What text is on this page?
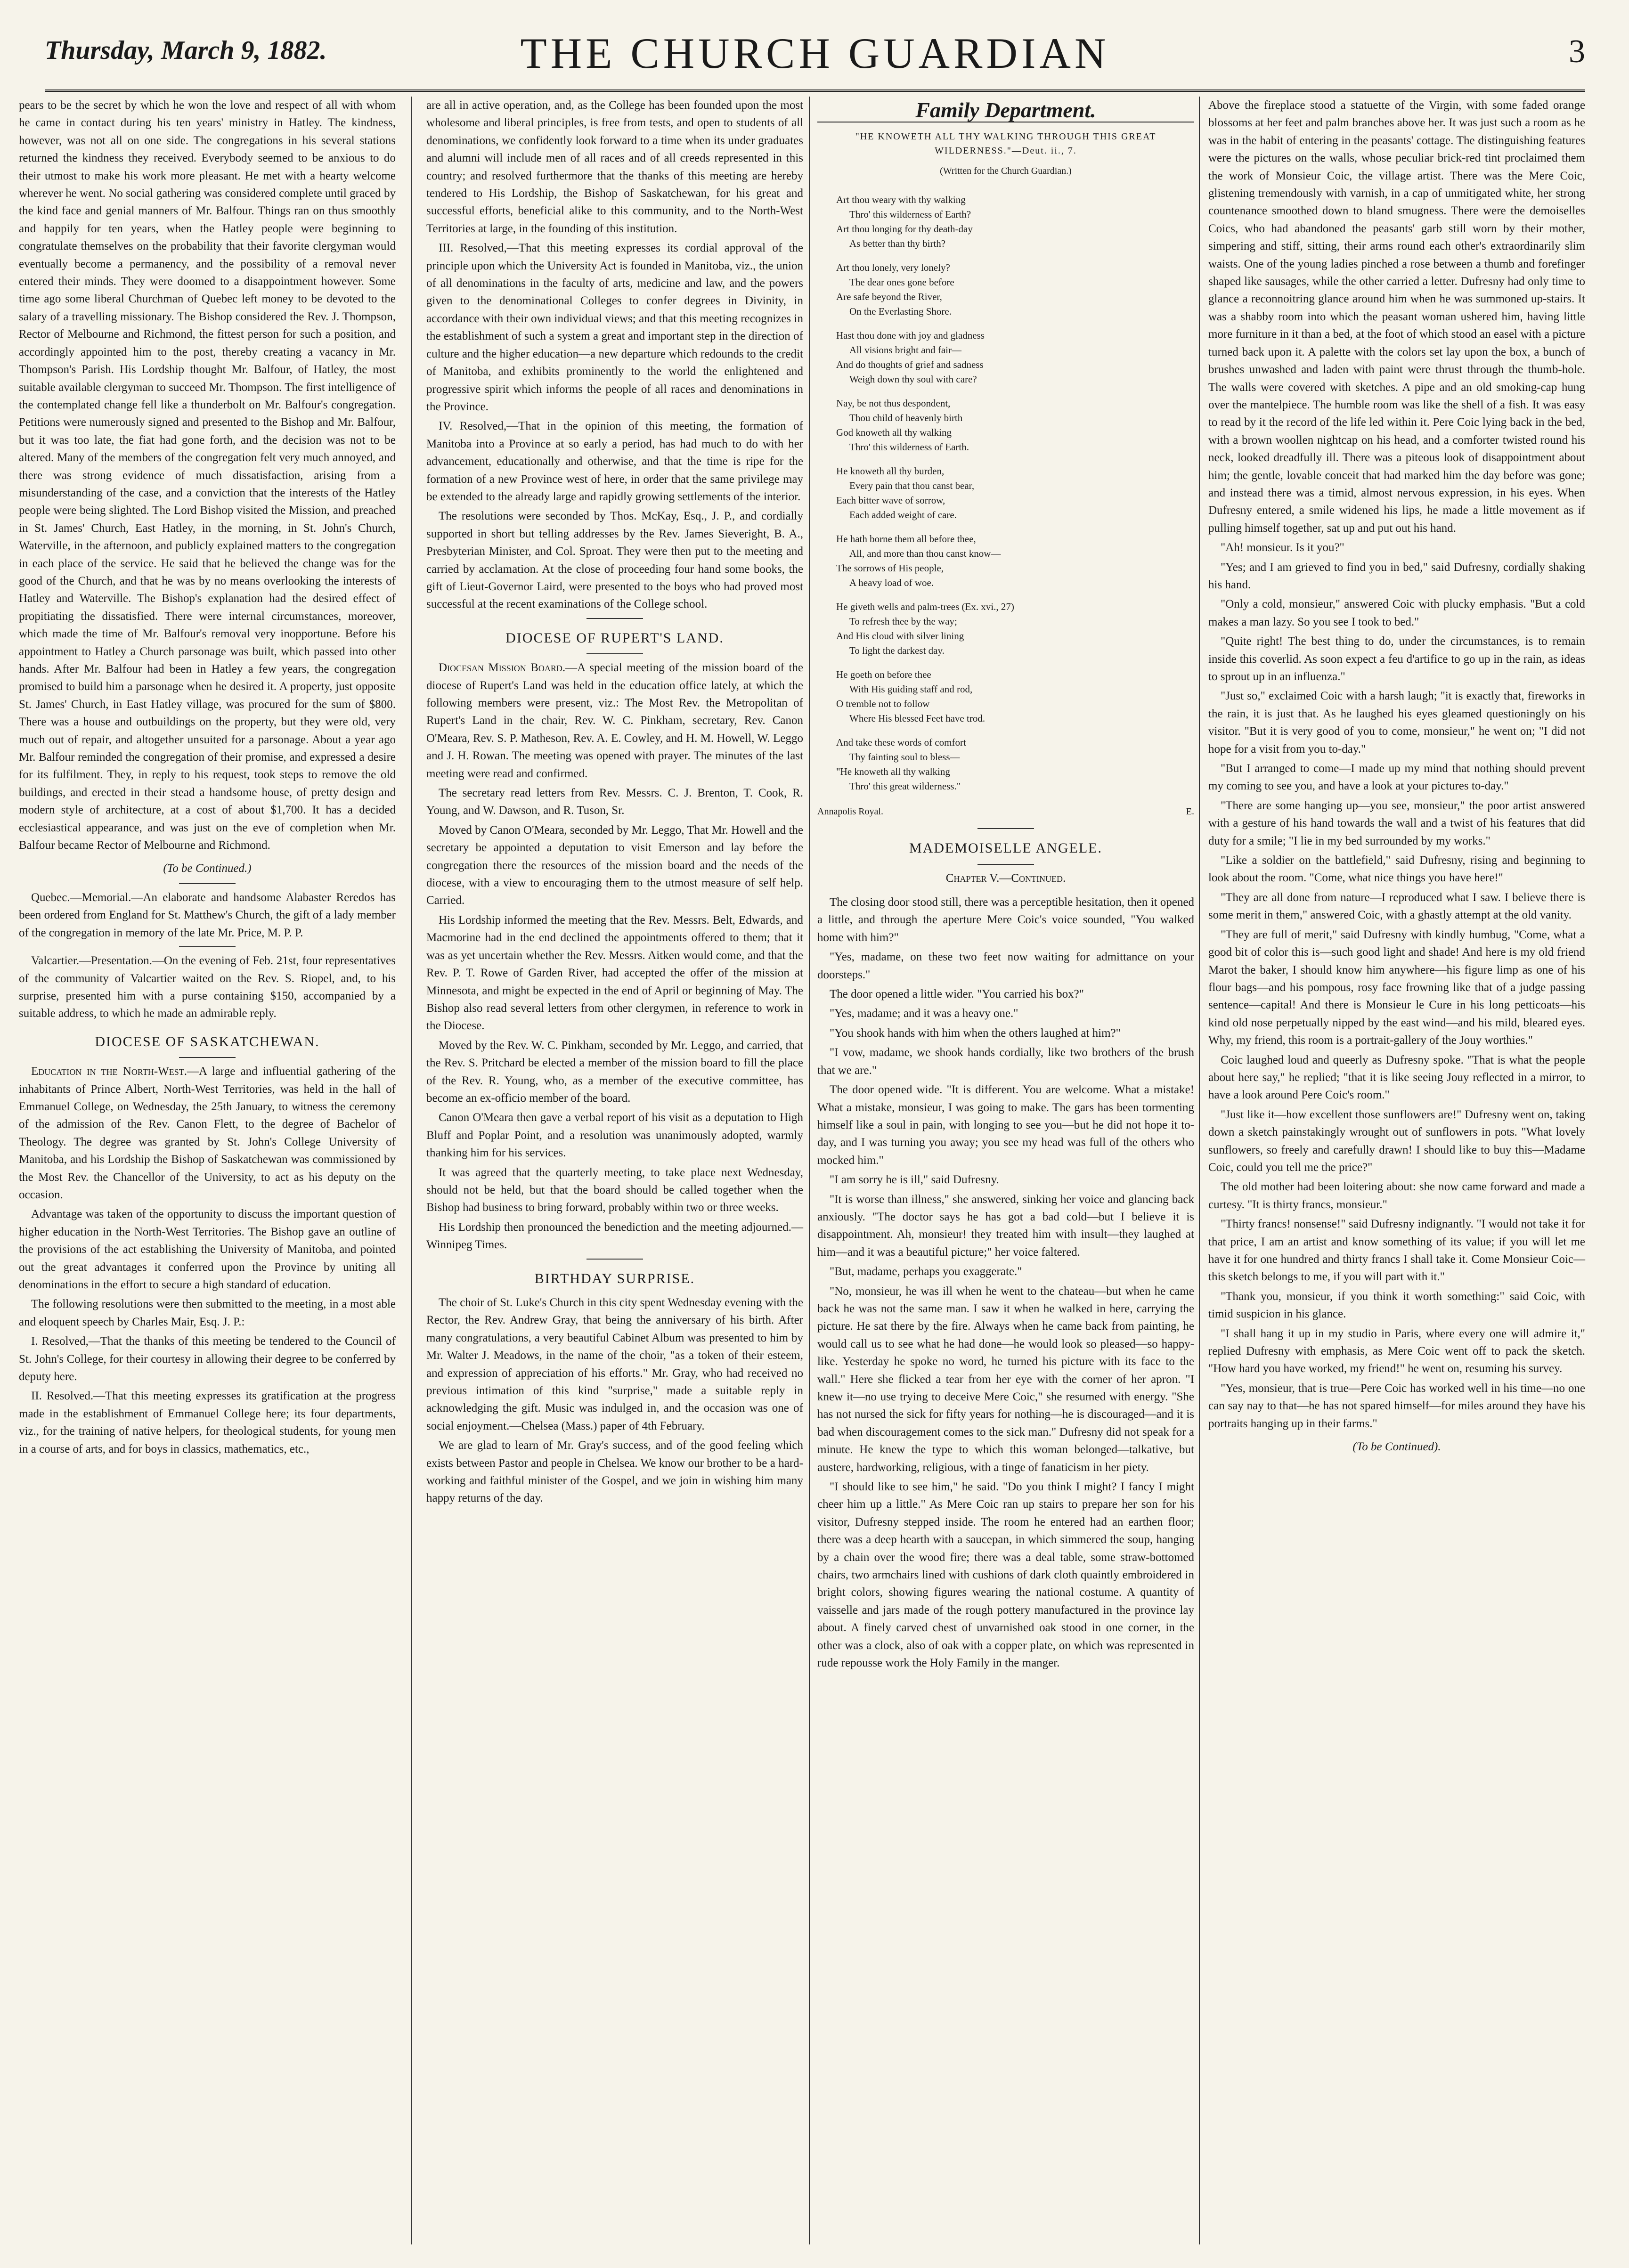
Thursday, March 9, 1882.	THE CHURCH GUARDIAN	3

pears to be the secret by which he won the love and respect of all with whom he came in contact during his ten years' ministry in Hatley. The kindness, however, was not all on one side. The congregations in his several stations returned the kindness they received. Everybody seemed to be anxious to do their utmost to make his work more pleasant. He met with a hearty welcome wherever he went. No social gathering was considered complete until graced by the kind face and genial manners of Mr. Balfour. Things ran on thus smoothly and happily for ten years, when the Hatley people were beginning to congratulate themselves on the probability that their favorite clergyman would eventually become a permanency, and the possibility of a removal never entered their minds. They were doomed to a disappointment however. Some time ago some liberal Churchman of Quebec left money to be devoted to the salary of a travelling missionary. The Bishop considered the Rev. J. Thompson, Rector of Melbourne and Richmond, the fittest person for such a position, and accordingly appointed him to the post, thereby creating a vacancy in Mr. Thompson's Parish. His Lordship thought Mr. Balfour, of Hatley, the most suitable available clergyman to succeed Mr. Thompson. The first intelligence of the contemplated change fell like a thunderbolt on Mr. Balfour's congregation. Petitions were numerously signed and presented to the Bishop and Mr. Balfour, but it was too late, the fiat had gone forth, and the decision was not to be altered. Many of the members of the congregation felt very much annoyed, and there was strong evidence of much dissatisfaction, arising from a misunderstanding of the case, and a conviction that the interests of the Hatley people were being slighted. The Lord Bishop visited the Mission, and preached in St. James' Church, East Hatley, in the morning, in St. John's Church, Waterville, in the afternoon, and publicly explained matters to the congregation in each place of the service. He said that he believed the change was for the good of the Church, and that he was by no means overlooking the interests of Hatley and Waterville. The Bishop's explanation had the desired effect of propitiating the dissatisfied. There were internal circumstances, moreover, which made the time of Mr. Balfour's removal very inopportune. Before his appointment to Hatley a Church parsonage was built, which passed into other hands. After Mr. Balfour had been in Hatley a few years, the congregation promised to build him a parsonage when he desired it. A property, just opposite St. James' Church, in East Hatley village, was procured for the sum of $800. There was a house and outbuildings on the property, but they were old, very much out of repair, and altogether unsuited for a parsonage. About a year ago Mr. Balfour reminded the congregation of their promise, and expressed a desire for its fulfilment. They, in reply to his request, took steps to remove the old buildings, and erected in their stead a handsome house, of pretty design and modern style of architecture, at a cost of about $1,700. It has a decided ecclesiastical appearance, and was just on the eve of completion when Mr. Balfour became Rector of Melbourne and Richmond.

(To be Continued.)

Quebec.—Memorial.—An elaborate and handsome Alabaster Reredos has been ordered from England for St. Matthew's Church, the gift of a lady member of the congregation in memory of the late Mr. Price, M. P. P.

Valcartier.—Presentation.—On the evening of Feb. 21st, four representatives of the community of Valcartier waited on the Rev. S. Riopel, and, to his surprise, presented him with a purse containing $150, accompanied by a suitable address, to which he made an admirable reply.

DIOCESE OF SASKATCHEWAN.

Education in the North-West.—A large and influential gathering of the inhabitants of Prince Albert, North-West Territories, was held in the hall of Emmanuel College, on Wednesday, the 25th January, to witness the ceremony of the admission of the Rev. Canon Flett, to the degree of Bachelor of Theology. The degree was granted by St. John's College University of Manitoba, and his Lordship the Bishop of Saskatchewan was commissioned by the Most Rev. the Chancellor of the University, to act as his deputy on the occasion.

Advantage was taken of the opportunity to discuss the important question of higher education in the North-West Territories. The Bishop gave an outline of the provisions of the act establishing the University of Manitoba, and pointed out the great advantages it conferred upon the Province by uniting all denominations in the effort to secure a high standard of education.

The following resolutions were then submitted to the meeting, in a most able and eloquent speech by Charles Mair, Esq. J. P.:

I. Resolved,—That the thanks of this meeting be tendered to the Council of St. John's College, for their courtesy in allowing their degree to be conferred by deputy here.

II. Resolved.—That this meeting expresses its gratification at the progress made in the establishment of Emmanuel College here; its four departments, viz., for the training of native helpers, for theological students, for young men in a course of arts, and for boys in classics, mathematics, etc.,

are all in active operation, and, as the College has been founded upon the most wholesome and liberal principles, is free from tests, and open to students of all denominations, we confidently look forward to a time when its under graduates and alumni will include men of all races and of all creeds represented in this country; and resolved furthermore that the thanks of this meeting are hereby tendered to His Lordship, the Bishop of Saskatchewan, for his great and successful efforts, beneficial alike to this community, and to the North-West Territories at large, in the founding of this institution.

III. Resolved,—That this meeting expresses its cordial approval of the principle upon which the University Act is founded in Manitoba, viz., the union of all denominations in the faculty of arts, medicine and law, and the powers given to the denominational Colleges to confer degrees in Divinity, in accordance with their own individual views; and that this meeting recognizes in the establishment of such a system a great and important step in the direction of culture and the higher education—a new departure which redounds to the credit of Manitoba, and exhibits prominently to the world the enlightened and progressive spirit which informs the people of all races and denominations in the Province.

IV. Resolved,—That in the opinion of this meeting, the formation of Manitoba into a Province at so early a period, has had much to do with her advancement, educationally and otherwise, and that the time is ripe for the formation of a new Province west of here, in order that the same privilege may be extended to the already large and rapidly growing settlements of the interior.

The resolutions were seconded by Thos. McKay, Esq., J. P., and cordially supported in short but telling addresses by the Rev. James Sieveright, B. A., Presbyterian Minister, and Col. Sproat. They were then put to the meeting and carried by acclamation. At the close of proceeding four hand some books, the gift of Lieut-Governor Laird, were presented to the boys who had proved most successful at the recent examinations of the College school.

DIOCESE OF RUPERT'S LAND.

Diocesan Mission Board.—A special meeting of the mission board of the diocese of Rupert's Land was held in the education office lately, at which the following members were present, viz.: The Most Rev. the Metropolitan of Rupert's Land in the chair, Rev. W. C. Pinkham, secretary, Rev. Canon O'Meara, Rev. S. P. Matheson, Rev. A. E. Cowley, and H. M. Howell, W. Leggo and J. H. Rowan. The meeting was opened with prayer. The minutes of the last meeting were read and confirmed.

The secretary read letters from Rev. Messrs. C. J. Brenton, T. Cook, R. Young, and W. Dawson, and R. Tuson, Sr.

Moved by Canon O'Meara, seconded by Mr. Leggo, That Mr. Howell and the secretary be appointed a deputation to visit Emerson and lay before the congregation there the resources of the mission board and the needs of the diocese, with a view to encouraging them to the utmost measure of self help. Carried.

His Lordship informed the meeting that the Rev. Messrs. Belt, Edwards, and Macmorine had in the end declined the appointments offered to them; that it was as yet uncertain whether the Rev. Messrs. Aitken would come, and that the Rev. P. T. Rowe of Garden River, had accepted the offer of the mission at Minnesota, and might be expected in the end of April or beginning of May. The Bishop also read several letters from other clergymen, in reference to work in the Diocese.

Moved by the Rev. W. C. Pinkham, seconded by Mr. Leggo, and carried, that the Rev. S. Pritchard be elected a member of the mission board to fill the place of the Rev. R. Young, who, as a member of the executive committee, has become an ex-officio member of the board.

Canon O'Meara then gave a verbal report of his visit as a deputation to High Bluff and Poplar Point, and a resolution was unanimously adopted, warmly thanking him for his services.

It was agreed that the quarterly meeting, to take place next Wednesday, should not be held, but that the board should be called together when the Bishop had business to bring forward, probably within two or three weeks.

His Lordship then pronounced the benediction and the meeting adjourned.—Winnipeg Times.

BIRTHDAY SURPRISE.

The choir of St. Luke's Church in this city spent Wednesday evening with the Rector, the Rev. Andrew Gray, that being the anniversary of his birth. After many congratulations, a very beautiful Cabinet Album was presented to him by Mr. Walter J. Meadows, in the name of the choir, "as a token of their esteem, and expression of appreciation of his efforts." Mr. Gray, who had received no previous intimation of this kind "surprise," made a suitable reply in acknowledging the gift. Music was indulged in, and the occasion was one of social enjoyment.—Chelsea (Mass.) paper of 4th February.

We are glad to learn of Mr. Gray's success, and of the good feeling which exists between Pastor and people in Chelsea. We know our brother to be a hard-working and faithful minister of the Gospel, and we join in wishing him many happy returns of the day.

Family Department.
"HE KNOWETH ALL THY WALKING THROUGH THIS GREAT WILDERNESS."—Deut. ii., 7.
(Written for the Church Guardian.)
Art thou weary with thy walking
Thro' this wilderness of Earth?
Art thou longing for thy death-day
As better than thy birth?
Art thou lonely, very lonely?
The dear ones gone before
Are safe beyond the River,
On the Everlasting Shore.
Hast thou done with joy and gladness
All visions bright and fair—
And do thoughts of grief and sadness
Weigh down thy soul with care?
Nay, be not thus despondent,
Thou child of heavenly birth
God knoweth all thy walking
Thro' this wilderness of Earth.
He knoweth all thy burden,
Every pain that thou canst bear,
Each bitter wave of sorrow,
Each added weight of care.
He hath borne them all before thee,
All, and more than thou canst know—
The sorrows of His people,
A heavy load of woe.
He giveth wells and palm-trees (Ex. xvi., 27)
To refresh thee by the way;
And His cloud with silver lining
To light the darkest day.
He goeth on before thee
With His guiding staff and rod,
O tremble not to follow
Where His blessed Feet have trod.
And take these words of comfort
Thy fainting soul to bless—
"He knoweth all thy walking
Thro' this great wilderness."
Annapolis Royal.	E.
MADEMOISELLE ANGELE.
Chapter V.—Continued.

The closing door stood still, there was a perceptible hesitation, then it opened a little, and through the aperture Mere Coic's voice sounded, "You walked home with him?"

"Yes, madame, on these two feet now waiting for admittance on your doorsteps."

The door opened a little wider. "You carried his box?"

"Yes, madame; and it was a heavy one."

"You shook hands with him when the others laughed at him?"

"I vow, madame, we shook hands cordially, like two brothers of the brush that we are."

The door opened wide. "It is different. You are welcome. What a mistake! What a mistake, monsieur, I was going to make. The gars has been tormenting himself like a soul in pain, with longing to see you—but he did not hope it to-day, and I was turning you away; you see my head was full of the others who mocked him."

"I am sorry he is ill," said Dufresny.

"It is worse than illness," she answered, sinking her voice and glancing back anxiously. "The doctor says he has got a bad cold—but I believe it is disappointment. Ah, monsieur! they treated him with insult—they laughed at him—and it was a beautiful picture;" her voice faltered.

"But, madame, perhaps you exaggerate."

"No, monsieur, he was ill when he went to the chateau—but when he came back he was not the same man. I saw it when he walked in here, carrying the picture. He sat there by the fire. Always when he came back from painting, he would call us to see what he had done—he would look so pleased—so happy-like. Yesterday he spoke no word, he turned his picture with its face to the wall." Here she flicked a tear from her eye with the corner of her apron. "I knew it—no use trying to deceive Mere Coic," she resumed with energy. "She has not nursed the sick for fifty years for nothing—he is discouraged—and it is bad when discouragement comes to the sick man." Dufresny did not speak for a minute. He knew the type to which this woman belonged—talkative, but austere, hardworking, religious, with a tinge of fanaticism in her piety.

"I should like to see him," he said. "Do you think I might? I fancy I might cheer him up a little." As Mere Coic ran up stairs to prepare her son for his visitor, Dufresny stepped inside. The room he entered had an earthen floor; there was a deep hearth with a saucepan, in which simmered the soup, hanging by a chain over the wood fire; there was a deal table, some straw-bottomed chairs, two armchairs lined with cushions of dark cloth quaintly embroidered in bright colors, showing figures wearing the national costume. A quantity of vaisselle and jars made of the rough pottery manufactured in the province lay about. A finely carved chest of unvarnished oak stood in one corner, in the other was a clock, also of oak with a copper plate, on which was represented in rude repousse work the Holy Family in the manger.

Above the fireplace stood a statuette of the Virgin, with some faded orange blossoms at her feet and palm branches above her. It was just such a room as he was in the habit of entering in the peasants' cottage. The distinguishing features were the pictures on the walls, whose peculiar brick-red tint proclaimed them the work of Monsieur Coic, the village artist. There was the Mere Coic, glistening tremendously with varnish, in a cap of unmitigated white, her strong countenance smoothed down to bland smugness. There were the demoiselles Coics, who had abandoned the peasants' garb still worn by their mother, simpering and stiff, sitting, their arms round each other's extraordinarily slim waists. One of the young ladies pinched a rose between a thumb and forefinger shaped like sausages, while the other carried a letter. Dufresny had only time to glance a reconnoitring glance around him when he was summoned up-stairs. It was a shabby room into which the peasant woman ushered him, having little more furniture in it than a bed, at the foot of which stood an easel with a picture turned back upon it. A palette with the colors set lay upon the box, a bunch of brushes unwashed and laden with paint were thrust through the thumb-hole. The walls were covered with sketches. A pipe and an old smoking-cap hung over the mantelpiece. The humble room was like the shell of a fish. It was easy to read by it the record of the life led within it. Pere Coic lying back in the bed, with a brown woollen nightcap on his head, and a comforter twisted round his neck, looked dreadfully ill. There was a piteous look of disappointment about him; the gentle, lovable conceit that had marked him the day before was gone; and instead there was a timid, almost nervous expression, in his eyes. When Dufresny entered, a smile widened his lips, he made a little movement as if pulling himself together, sat up and put out his hand.

"Ah! monsieur. Is it you?"

"Yes; and I am grieved to find you in bed," said Dufresny, cordially shaking his hand.

"Only a cold, monsieur," answered Coic with plucky emphasis. "But a cold makes a man lazy. So you see I took to bed."

"Quite right! The best thing to do, under the circumstances, is to remain inside this coverlid. As soon expect a feu d'artifice to go up in the rain, as ideas to sprout up in an influenza."

"Just so," exclaimed Coic with a harsh laugh; "it is exactly that, fireworks in the rain, it is just that. As he laughed his eyes gleamed questioningly on his visitor. "But it is very good of you to come, monsieur," he went on; "I did not hope for a visit from you to-day."

"But I arranged to come—I made up my mind that nothing should prevent my coming to see you, and have a look at your pictures to-day."

"There are some hanging up—you see, monsieur," the poor artist answered with a gesture of his hand towards the wall and a twist of his features that did duty for a smile; "I lie in my bed surrounded by my works."

"Like a soldier on the battlefield," said Dufresny, rising and beginning to look about the room. "Come, what nice things you have here!"

"They are all done from nature—I reproduced what I saw. I believe there is some merit in them," answered Coic, with a ghastly attempt at the old vanity.

"They are full of merit," said Dufresny with kindly humbug, "Come, what a good bit of color this is—such good light and shade! And here is my old friend Marot the baker, I should know him anywhere—his figure limp as one of his flour bags—and his pompous, rosy face frowning like that of a judge passing sentence—capital! And there is Monsieur le Cure in his long petticoats—his kind old nose perpetually nipped by the east wind—and his mild, bleared eyes. Why, my friend, this room is a portrait-gallery of the Jouy worthies."

Coic laughed loud and queerly as Dufresny spoke. "That is what the people about here say," he replied; "that it is like seeing Jouy reflected in a mirror, to have a look around Pere Coic's room."

"Just like it—how excellent those sunflowers are!" Dufresny went on, taking down a sketch painstakingly wrought out of sunflowers in pots. "What lovely sunflowers, so freely and carefully drawn! I should like to buy this—Madame Coic, could you tell me the price?"

The old mother had been loitering about: she now came forward and made a curtesy. "It is thirty francs, monsieur."

"Thirty francs! nonsense!" said Dufresny indignantly. "I would not take it for that price, I am an artist and know something of its value; if you will let me have it for one hundred and thirty francs I shall take it. Come Monsieur Coic—this sketch belongs to me, if you will part with it."

"Thank you, monsieur, if you think it worth something:" said Coic, with timid suspicion in his glance.

"I shall hang it up in my studio in Paris, where every one will admire it," replied Dufresny with emphasis, as Mere Coic went off to pack the sketch. "How hard you have worked, my friend!" he went on, resuming his survey.

"Yes, monsieur, that is true—Pere Coic has worked well in his time—no one can say nay to that—he has not spared himself—for miles around they have his portraits hanging up in their farms."

(To be Continued).
